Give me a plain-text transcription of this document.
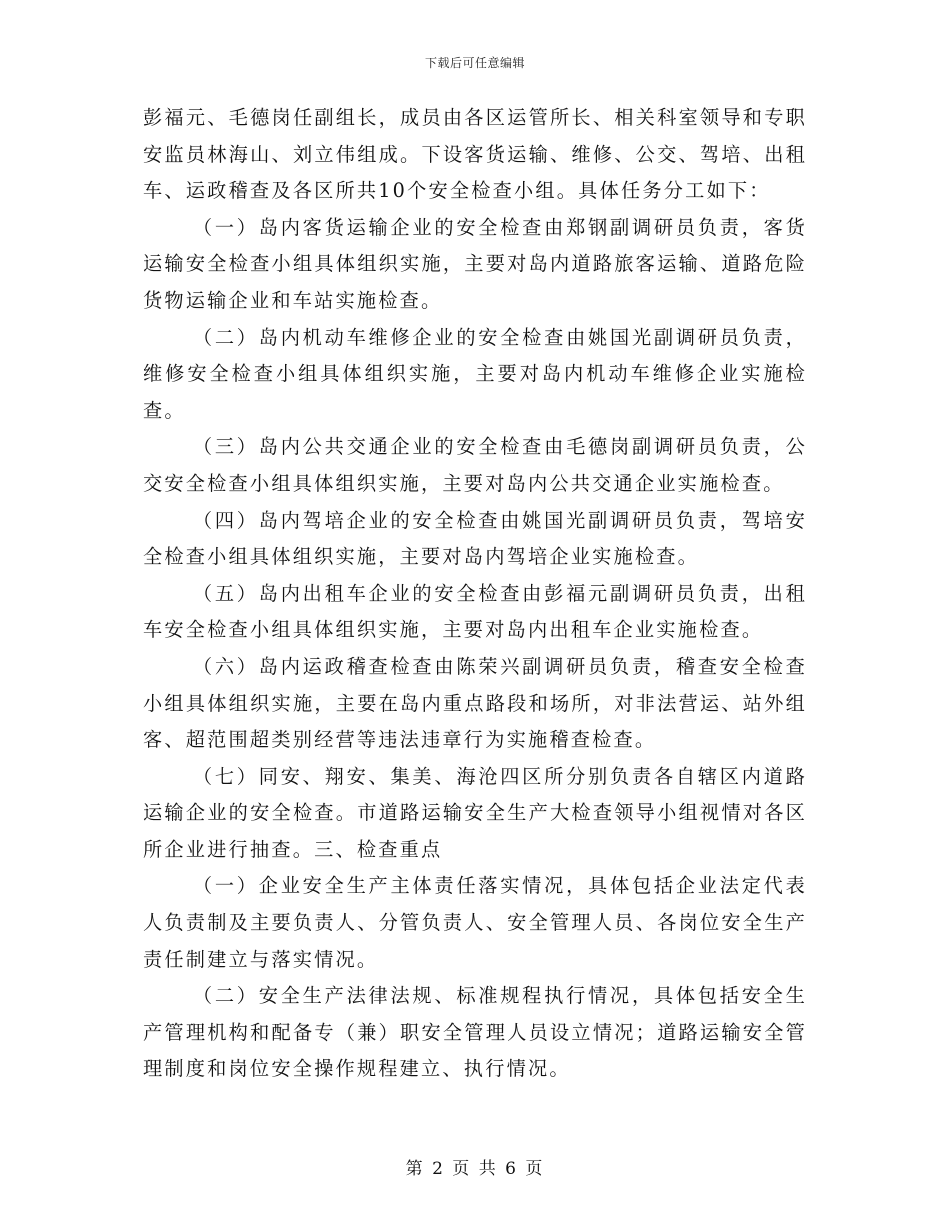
下载后可任意编辑

彭福元、毛德岗任副组长，成员由各区运管所长、相关科室领导和专职安监员林海山、刘立伟组成。下设客货运输、维修、公交、驾培、出租车、运政稽查及各区所共10个安全检查小组。具体任务分工如下：

（一）岛内客货运输企业的安全检查由郑钢副调研员负责，客货运输安全检查小组具体组织实施，主要对岛内道路旅客运输、道路危险货物运输企业和车站实施检查。

（二）岛内机动车维修企业的安全检查由姚国光副调研员负责，维修安全检查小组具体组织实施，主要对岛内机动车维修企业实施检查。

（三）岛内公共交通企业的安全检查由毛德岗副调研员负责，公交安全检查小组具体组织实施，主要对岛内公共交通企业实施检查。

（四）岛内驾培企业的安全检查由姚国光副调研员负责，驾培安全检查小组具体组织实施，主要对岛内驾培企业实施检查。

（五）岛内出租车企业的安全检查由彭福元副调研员负责，出租车安全检查小组具体组织实施，主要对岛内出租车企业实施检查。

（六）岛内运政稽查检查由陈荣兴副调研员负责，稽查安全检查小组具体组织实施，主要在岛内重点路段和场所，对非法营运、站外组客、超范围超类别经营等违法违章行为实施稽查检查。

（七）同安、翔安、集美、海沧四区所分别负责各自辖区内道路运输企业的安全检查。市道路运输安全生产大检查领导小组视情对各区所企业进行抽查。三、检查重点

（一）企业安全生产主体责任落实情况，具体包括企业法定代表人负责制及主要负责人、分管负责人、安全管理人员、各岗位安全生产责任制建立与落实情况。

（二）安全生产法律法规、标准规程执行情况，具体包括安全生产管理机构和配备专（兼）职安全管理人员设立情况；道路运输安全管理制度和岗位安全操作规程建立、执行情况。

第 2 页 共 6 页
